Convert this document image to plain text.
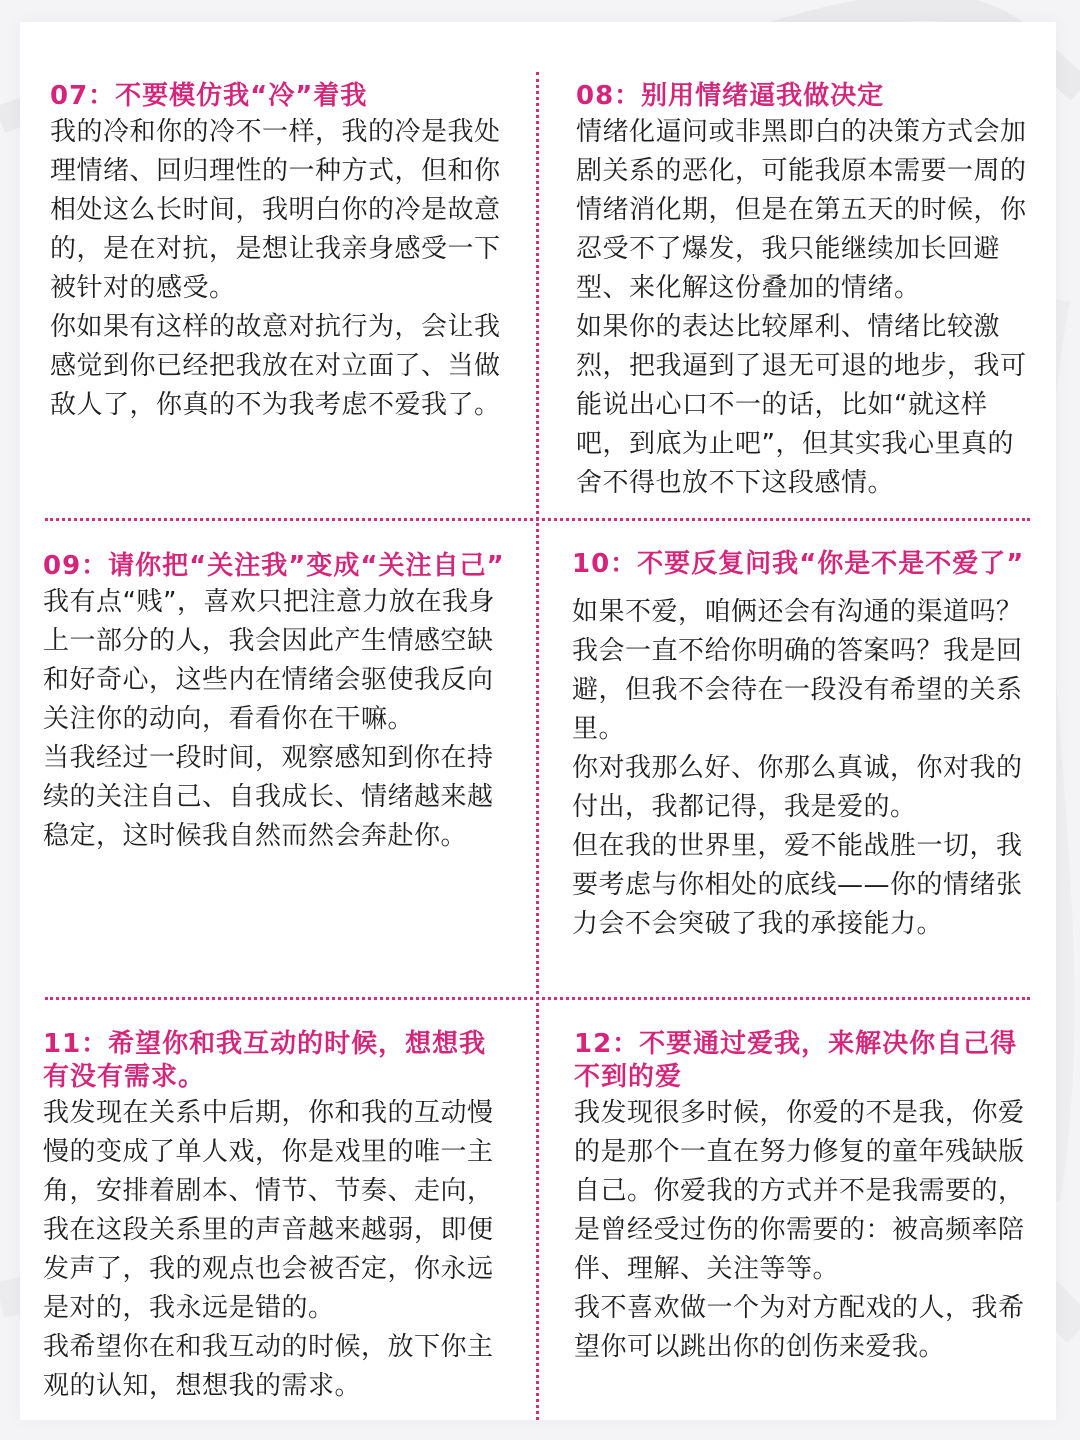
07：不要模仿我“冷”着我

我的冷和你的冷不一样，我的冷是我处理情绪、回归理性的一种方式，但和你相处这么长时间，我明白你的冷是故意的，是在对抗，是想让我亲身感受一下被针对的感受。

你如果有这样的故意对抗行为，会让我感觉到你已经把我放在对立面了、当做敌人了，你真的不为我考虑不爱我了。

08：别用情绪逼我做决定

情绪化逼问或非黑即白的决策方式会加剧关系的恶化，可能我原本需要一周的情绪消化期，但是在第五天的时候，你忍受不了爆发，我只能继续加长回避型、来化解这份叠加的情绪。

如果你的表达比较犀利、情绪比较激烈，把我逼到了退无可退的地步，我可能说出心口不一的话，比如“就这样吧，到底为止吧”，但其实我心里真的舍不得也放不下这段感情。

09：请你把“关注我”变成“关注自己”

我有点“贱”，喜欢只把注意力放在我身上一部分的人，我会因此产生情感空缺和好奇心，这些内在情绪会驱使我反向关注你的动向，看看你在干嘛。

当我经过一段时间，观察感知到你在持续的关注自己、自我成长、情绪越来越稳定，这时候我自然而然会奔赴你。

10：不要反复问我“你是不是不爱了”

如果不爱，咱俩还会有沟通的渠道吗？我会一直不给你明确的答案吗？我是回避，但我不会待在一段没有希望的关系里。

你对我那么好、你那么真诚，你对我的付出，我都记得，我是爱的。

但在我的世界里，爱不能战胜一切，我要考虑与你相处的底线——你的情绪张力会不会突破了我的承接能力。

11：希望你和我互动的时候，想想我有没有需求。

我发现在关系中后期，你和我的互动慢慢的变成了单人戏，你是戏里的唯一主角，安排着剧本、情节、节奏、走向，我在这段关系里的声音越来越弱，即便发声了，我的观点也会被否定，你永远是对的，我永远是错的。

我希望你在和我互动的时候，放下你主观的认知，想想我的需求。

12：不要通过爱我，来解决你自己得不到的爱

我发现很多时候，你爱的不是我，你爱的是那个一直在努力修复的童年残缺版自己。你爱我的方式并不是我需要的，是曾经受过伤的你需要的：被高频率陪伴、理解、关注等等。

我不喜欢做一个为对方配戏的人，我希望你可以跳出你的创伤来爱我。
